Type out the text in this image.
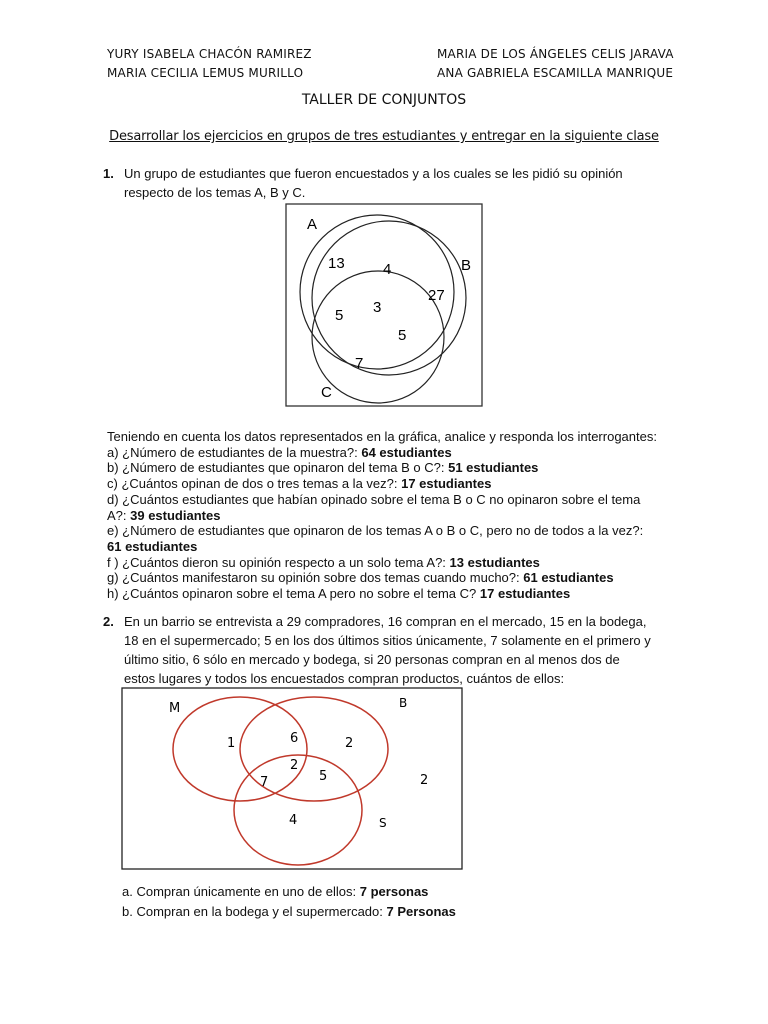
YURY ISABELA CHACÓN RAMIREZ
MARIA CECILIA LEMUS MURILLO
MARIA DE LOS ÁNGELES CELIS JARAVA
ANA GABRIELA ESCAMILLA MANRIQUE
TALLER DE CONJUNTOS
Desarrollar los ejercicios en grupos de tres estudiantes y entregar en la siguiente clase
1. Un grupo de estudiantes que fueron encuestados y a los cuales se les pidió su opinión
respecto de los temas A, B y C.
A
B
C
13	4
27
5 3
5
7
Teniendo en cuenta los datos representados en la gráfica, analice y responda los interrogantes:
a) ¿Número de estudiantes de la muestra?: 64 estudiantes
b) ¿Número de estudiantes que opinaron del tema B o C?: 51 estudiantes
c) ¿Cuántos opinan de dos o tres temas a la vez?: 17 estudiantes
d) ¿Cuántos estudiantes que habían opinado sobre el tema B o C no opinaron sobre el tema
A?: 39 estudiantes
e) ¿Número de estudiantes que opinaron de los temas A o B o C, pero no de todos a la vez?:
61 estudiantes
f ) ¿Cuántos dieron su opinión respecto a un solo tema A?: 13 estudiantes
g) ¿Cuántos manifestaron su opinión sobre dos temas cuando mucho?: 61 estudiantes
h) ¿Cuántos opinaron sobre el tema A pero no sobre el tema C? 17 estudiantes
2. En un barrio se entrevista a 29 compradores, 16 compran en el mercado, 15 en la bodega,
18 en el supermercado; 5 en los dos últimos sitios únicamente, 7 solamente en el primero y
último sitio, 6 sólo en mercado y bodega, si 20 personas compran en al menos dos de
estos lugares y todos los encuestados compran productos, cuántos de ellos:
M	B
S
1	6	2
2
7	5
4
2
a. Compran únicamente en uno de ellos: 7 personas
b. Compran en la bodega y el supermercado: 7 Personas
